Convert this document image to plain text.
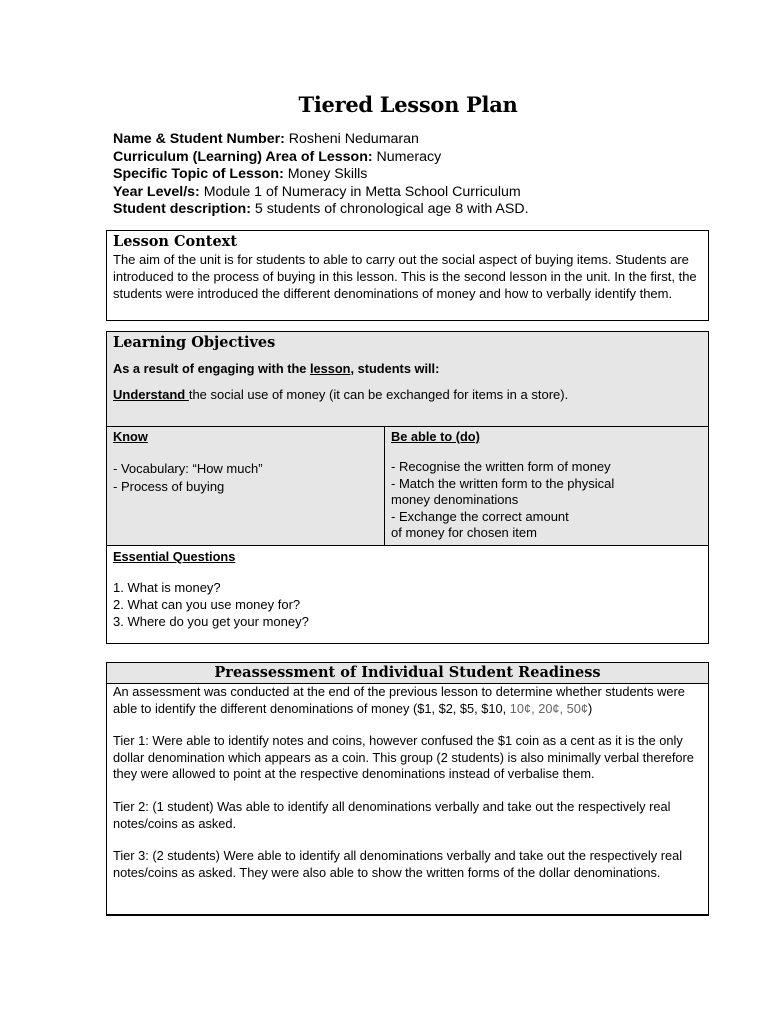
Tiered Lesson Plan
Name & Student Number: Rosheni Nedumaran
Curriculum (Learning) Area of Lesson: Numeracy
Specific Topic of Lesson: Money Skills
Year Level/s: Module 1 of Numeracy in Metta School Curriculum
Student description: 5 students of chronological age 8 with ASD.
Lesson Context
The aim of the unit is for students to able to carry out the social aspect of buying items. Students are introduced to the process of buying in this lesson. This is the second lesson in the unit. In the first, the students were introduced the different denominations of money and how to verbally identify them.
Learning Objectives
As a result of engaging with the lesson, students will:
Understand the social use of money (it can be exchanged for items in a store).
Know
- Vocabulary: “How much”
- Process of buying
Be able to (do)
- Recognise the written form of money
- Match the written form to the physical
money denominations
- Exchange the correct amount
of money for chosen item
Essential Questions
1. What is money?
2. What can you use money for?
3. Where do you get your money?
Preassessment of Individual Student Readiness

An assessment was conducted at the end of the previous lesson to determine whether students were able to identify the different denominations of money ($1, $2, $5, $10, 10¢, 20¢, 50¢)

Tier 1: Were able to identify notes and coins, however confused the $1 coin as a cent as it is the only dollar denomination which appears as a coin. This group (2 students) is also minimally verbal therefore they were allowed to point at the respective denominations instead of verbalise them.

Tier 2: (1 student) Was able to identify all denominations verbally and take out the respectively real notes/coins as asked.

Tier 3: (2 students) Were able to identify all denominations verbally and take out the respectively real notes/coins as asked. They were also able to show the written forms of the dollar denominations.
